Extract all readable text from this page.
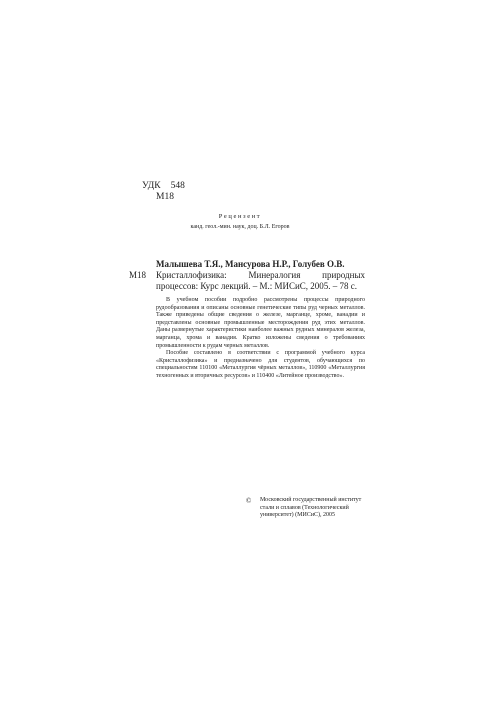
УДК 548
М18
Рецензент
канд. геол.-мин. наук, доц. Б.Л. Егоров
Малышева Т.Я., Мансурова Н.Р., Голубев О.В.
М18 Кристаллофизика: Минералогия природных процессов: Курс лекций. – М.: МИСиС, 2005. – 78 с.

В учебном пособии подробно рассмотрены процессы природного рудообразования и описаны основные генетические типы руд черных металлов. Также приведены общие сведения о железе, марганце, хроме, ванадии и представлены основные промышленные месторождения руд этих металлов. Даны развернутые характеристики наиболее важных рудных минералов железа, марганца, хрома и ванадия. Кратко изложены сведения о требованиях промышленности к рудам черных металлов.

Пособие составлено в соответствии с программой учебного курса «Кристаллофизика» и предназначено для студентов, обучающихся по специальностям 110100 «Металлургия чёрных металлов», 110900 «Металлургия техногенных и вторичных ресурсов» и 110400 «Литейное производство».

© Московский государственный институт стали и сплавов (Технологический университет) (МИСиС), 2005
